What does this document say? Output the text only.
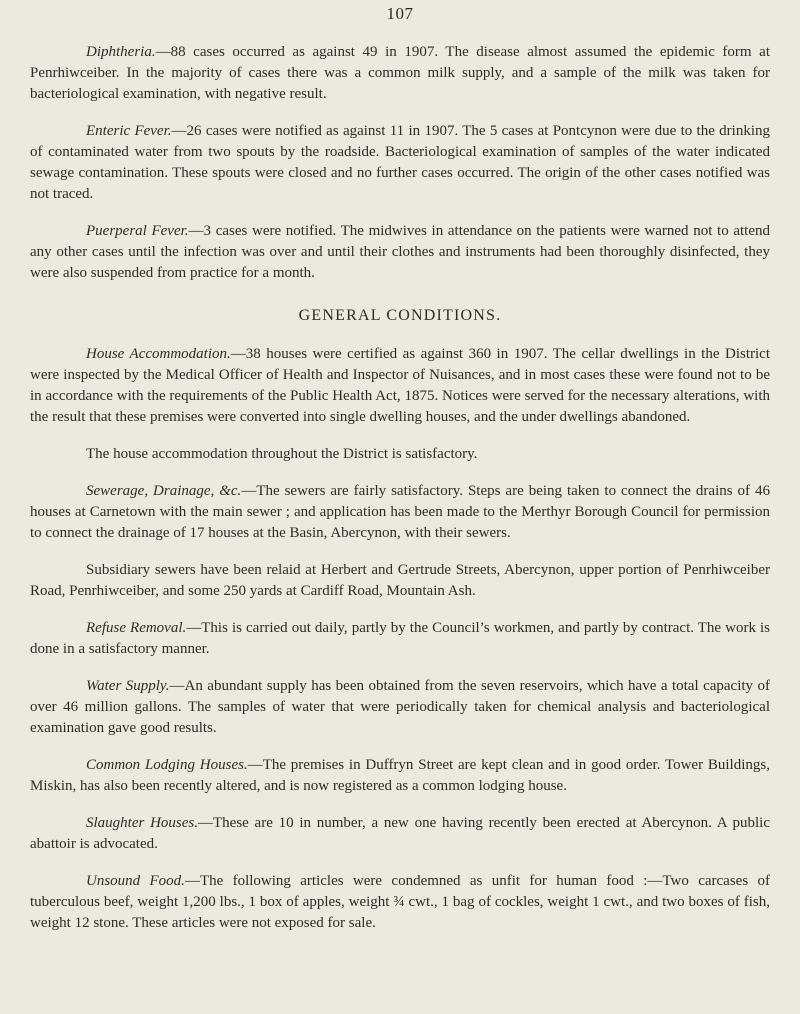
107

Diphtheria.—88 cases occurred as against 49 in 1907. The disease almost assumed the epidemic form at Penrhiwceiber. In the majority of cases there was a common milk supply, and a sample of the milk was taken for bacteriological examination, with negative result.

Enteric Fever.—26 cases were notified as against 11 in 1907. The 5 cases at Pontcynon were due to the drinking of contaminated water from two spouts by the roadside. Bacteriological examination of samples of the water indicated sewage contamination. These spouts were closed and no further cases occurred. The origin of the other cases notified was not traced.

Puerperal Fever.—3 cases were notified. The midwives in attendance on the patients were warned not to attend any other cases until the infection was over and until their clothes and instruments had been thoroughly disinfected, they were also suspended from practice for a month.

GENERAL CONDITIONS.

House Accommodation.—38 houses were certified as against 360 in 1907. The cellar dwellings in the District were inspected by the Medical Officer of Health and Inspector of Nuisances, and in most cases these were found not to be in accordance with the requirements of the Public Health Act, 1875. Notices were served for the necessary alterations, with the result that these premises were converted into single dwelling houses, and the under dwellings abandoned.

The house accommodation throughout the District is satisfactory.

Sewerage, Drainage, &c.—The sewers are fairly satisfactory. Steps are being taken to connect the drains of 46 houses at Carnetown with the main sewer ; and application has been made to the Merthyr Borough Council for permission to connect the drainage of 17 houses at the Basin, Abercynon, with their sewers.

Subsidiary sewers have been relaid at Herbert and Gertrude Streets, Abercynon, upper portion of Penrhiwceiber Road, Penrhiwceiber, and some 250 yards at Cardiff Road, Mountain Ash.

Refuse Removal.—This is carried out daily, partly by the Council’s workmen, and partly by contract. The work is done in a satisfactory manner.

Water Supply.—An abundant supply has been obtained from the seven reservoirs, which have a total capacity of over 46 million gallons. The samples of water that were periodically taken for chemical analysis and bacteriological examination gave good results.

Common Lodging Houses.—The premises in Duffryn Street are kept clean and in good order. Tower Buildings, Miskin, has also been recently altered, and is now registered as a common lodging house.

Slaughter Houses.—These are 10 in number, a new one having recently been erected at Abercynon. A public abattoir is advocated.

Unsound Food.—The following articles were condemned as unfit for human food :—Two carcases of tuberculous beef, weight 1,200 lbs., 1 box of apples, weight ¾ cwt., 1 bag of cockles, weight 1 cwt., and two boxes of fish, weight 12 stone. These articles were not exposed for sale.
